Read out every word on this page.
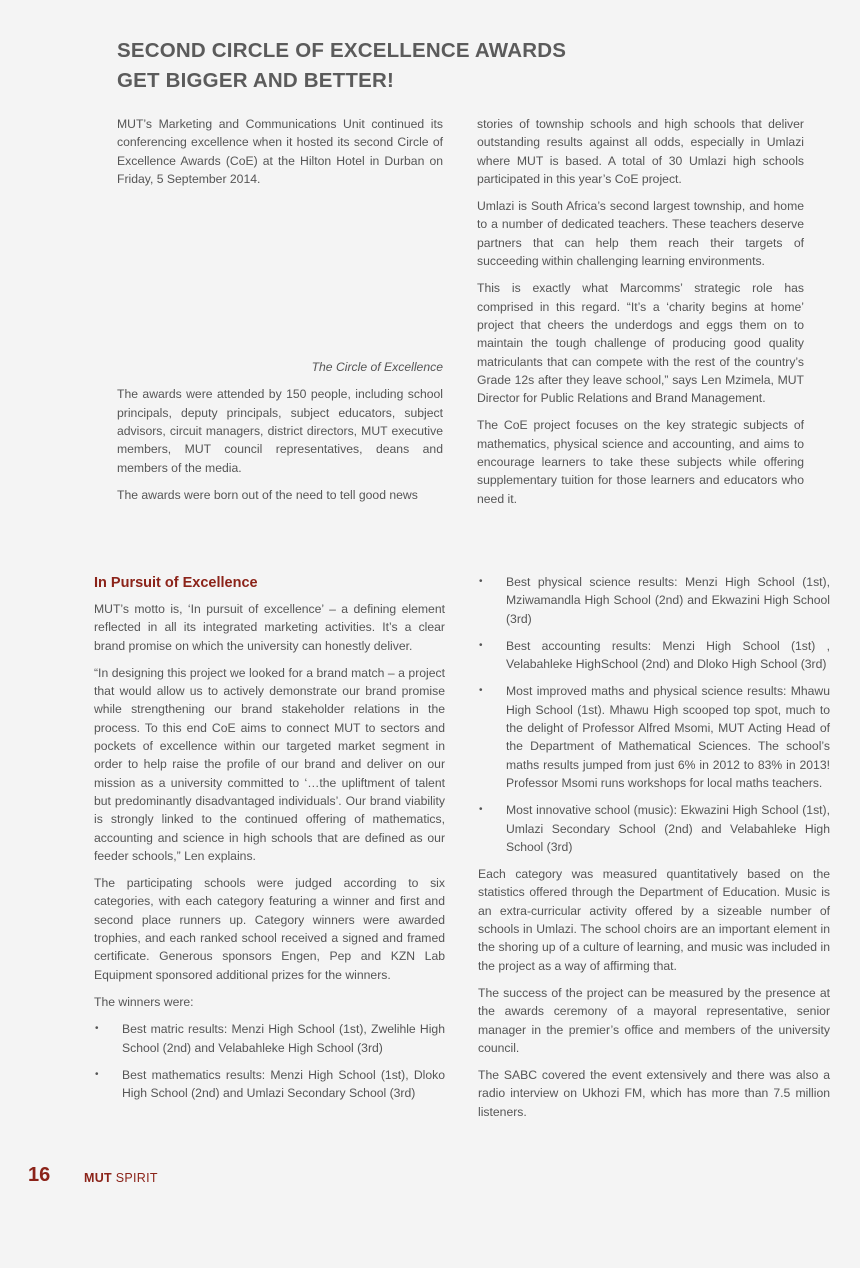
SECOND CIRCLE OF EXCELLENCE AWARDS
GET BIGGER AND BETTER!

MUT’s Marketing and Communications Unit continued its conferencing excellence when it hosted its second Circle of Excellence Awards (CoE) at the Hilton Hotel in Durban on Friday, 5 September 2014.

The Circle of Excellence

The awards were attended by 150 people, including school principals, deputy principals, subject educators, subject advisors, circuit managers, district directors, MUT executive members, MUT council representatives, deans and members of the media.

The awards were born out of the need to tell good news

stories of township schools and high schools that deliver outstanding results against all odds, especially in Umlazi where MUT is based. A total of 30 Umlazi high schools participated in this year’s CoE project.

Umlazi is South Africa’s second largest township, and home to a number of dedicated teachers. These teachers deserve partners that can help them reach their targets of succeeding within challenging learning environments.

This is exactly what Marcomms’ strategic role has comprised in this regard. “It’s a ‘charity begins at home’ project that cheers the underdogs and eggs them on to maintain the tough challenge of producing good quality matriculants that can compete with the rest of the country’s Grade 12s after they leave school,” says Len Mzimela, MUT Director for Public Relations and Brand Management.

The CoE project focuses on the key strategic subjects of mathematics, physical science and accounting, and aims to encourage learners to take these subjects while offering supplementary tuition for those learners and educators who need it.

In Pursuit of Excellence

MUT’s motto is, ‘In pursuit of excellence’ – a defining element reflected in all its integrated marketing activities. It’s a clear brand promise on which the university can honestly deliver.

“In designing this project we looked for a brand match – a project that would allow us to actively demonstrate our brand promise while strengthening our brand stakeholder relations in the process. To this end CoE aims to connect MUT to sectors and pockets of excellence within our targeted market segment in order to help raise the profile of our brand and deliver on our mission as a university committed to ‘…the upliftment of talent but predominantly disadvantaged individuals’. Our brand viability is strongly linked to the continued offering of mathematics, accounting and science in high schools that are defined as our feeder schools,” Len explains.

The participating schools were judged according to six categories, with each category featuring a winner and first and second place runners up. Category winners were awarded trophies, and each ranked school received a signed and framed certificate. Generous sponsors Engen, Pep and KZN Lab Equipment sponsored additional prizes for the winners.

The winners were:

• Best matric results: Menzi High School (1st), Zwelihle High School (2nd) and Velabahleke High School (3rd)
• Best mathematics results: Menzi High School (1st), Dloko High School (2nd) and Umlazi Secondary School (3rd)
• Best physical science results: Menzi High School (1st), Mziwamandla High School (2nd) and Ekwazini High School (3rd)
• Best accounting results: Menzi High School (1st) , Velabahleke HighSchool (2nd) and Dloko High School (3rd)
• Most improved maths and physical science results: Mhawu High School (1st). Mhawu High scooped top spot, much to the delight of Professor Alfred Msomi, MUT Acting Head of the Department of Mathematical Sciences. The school’s maths results jumped from just 6% in 2012 to 83% in 2013! Professor Msomi runs workshops for local maths teachers.
• Most innovative school (music): Ekwazini High School (1st), Umlazi Secondary School (2nd) and Velabahleke High School (3rd)

Each category was measured quantitatively based on the statistics offered through the Department of Education. Music is an extra-curricular activity offered by a sizeable number of schools in Umlazi. The school choirs are an important element in the shoring up of a culture of learning, and music was included in the project as a way of affirming that.

The success of the project can be measured by the presence at the awards ceremony of a mayoral representative, senior manager in the premier’s office and members of the university council.

The SABC covered the event extensively and there was also a radio interview on Ukhozi FM, which has more than 7.5 million listeners.

16	MUT SPIRIT
